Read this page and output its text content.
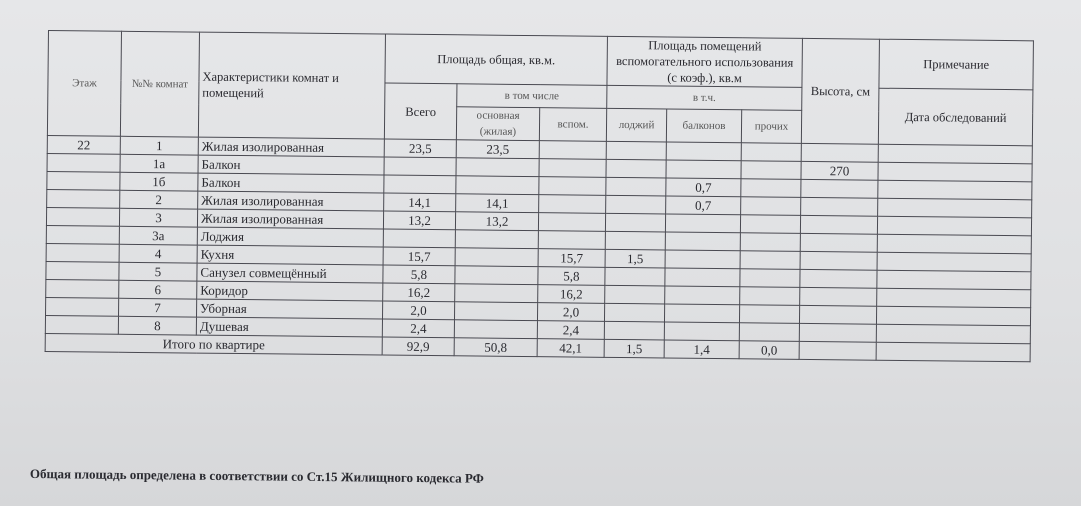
Этаж	№№ комнат	Характеристики комнат и помещений	Площадь общая, кв.м.			Площадь помещений вспомогательного использования (с коэф.), кв.м			Высота, см	Примечание

			Всего	в том числе		в т.ч.				Дата обследований
				основная (жилая)	вспом.	лоджий	балконов	прочих		
22	1	Жилая изолированная	23,5	23,5						
	1а	Балкон							270	
	1б	Балкон					0,7			
	2	Жилая изолированная	14,1	14,1			0,7			
	3	Жилая изолированная	13,2	13,2						
	3а	Лоджия								
	4	Кухня	15,7		15,7	1,5				
	5	Санузел совмещённый	5,8		5,8					
	6	Коридор	16,2		16,2					
	7	Уборная	2,0		2,0					
	8	Душевая	2,4		2,4					
Итого по квартире			92,9	50,8	42,1	1,5	1,4	0,0		
Общая площадь определена в соответствии со Ст.15 Жилищного кодекса РФ
